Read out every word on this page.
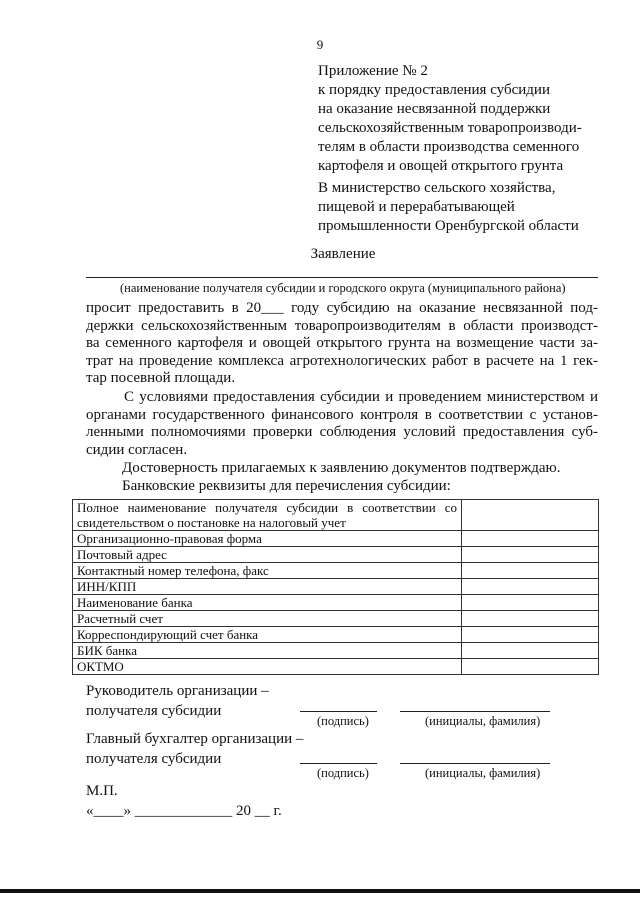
9
Приложение № 2
к порядку предоставления субсидии
на оказание несвязанной поддержки
сельскохозяйственным товаропроизводи-
телям в области производства семенного
картофеля и овощей открытого грунта
В министерство сельского хозяйства,
пищевой и перерабатывающей
промышленности Оренбургской области
Заявление
(наименование получателя субсидии и городского округа (муниципального района)
просит предоставить в 20___ году субсидию на оказание несвязанной под-
держки сельскохозяйственным товаропроизводителям в области производст-
ва семенного картофеля и овощей открытого грунта на возмещение части за-
трат на проведение комплекса агротехнологических работ в расчете на 1 гек-
тар посевной площади.
С условиями предоставления субсидии и проведением министерством и
органами государственного финансового контроля в соответствии с установ-
ленными полномочиями проверки соблюдения условий предоставления суб-
сидии согласен.
Достоверность прилагаемых к заявлению документов подтверждаю.
Банковские реквизиты для перечисления субсидии:
Полное наименование получателя субсидии в соответствии со свидетельством о постановке на налоговый учет	
Организационно-правовая форма	
Почтовый адрес	
Контактный номер телефона, факс	
ИНН/КПП	
Наименование банка	
Расчетный счет	
Корреспондирующий счет банка	
БИК банка	
ОКТМО	
Руководитель организации –
получателя субсидии
(подпись)	(инициалы, фамилия)
Главный бухгалтер организации –
получателя субсидии
(подпись)	(инициалы, фамилия)
М.П.
«____» _____________ 20 __ г.
